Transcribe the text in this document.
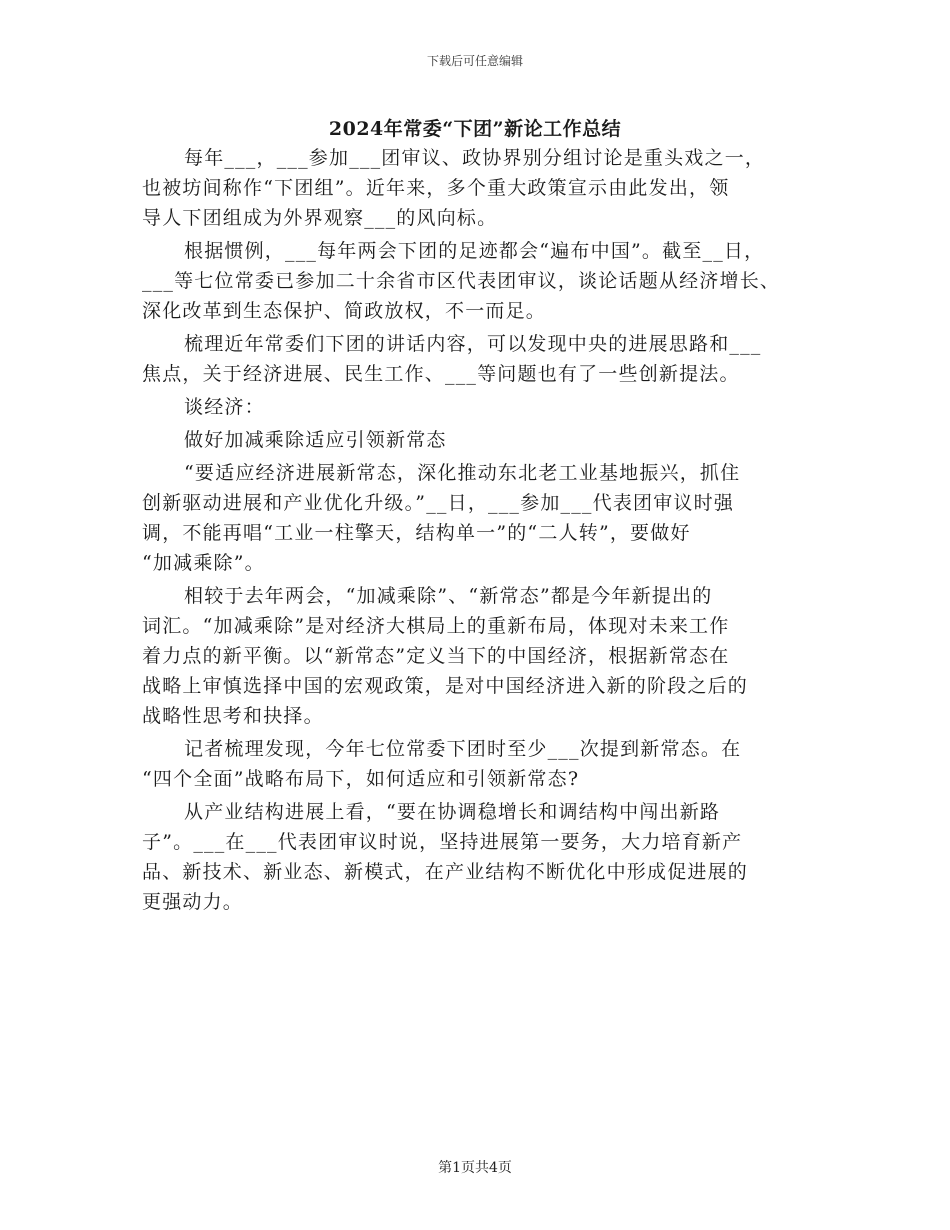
下载后可任意编辑
2024年常委“下团”新论工作总结

每年___，___参加___团审议、政协界别分组讨论是重头戏之一，
也被坊间称作“下团组”。近年来，多个重大政策宣示由此发出，领
导人下团组成为外界观察___的风向标。

根据惯例，___每年两会下团的足迹都会“遍布中国”。截至__日，
___等七位常委已参加二十余省市区代表团审议，谈论话题从经济增长、
深化改革到生态保护、简政放权，不一而足。

梳理近年常委们下团的讲话内容，可以发现中央的进展思路和___
焦点，关于经济进展、民生工作、___等问题也有了一些创新提法。

谈经济：

做好加减乘除适应引领新常态

“要适应经济进展新常态，深化推动东北老工业基地振兴，抓住
创新驱动进展和产业优化升级。”__日，___参加___代表团审议时强
调，不能再唱“工业一柱擎天，结构单一”的“二人转”，要做好
“加减乘除”。

相较于去年两会，“加减乘除”、“新常态”都是今年新提出的
词汇。“加减乘除”是对经济大棋局上的重新布局，体现对未来工作
着力点的新平衡。以“新常态”定义当下的中国经济，根据新常态在
战略上审慎选择中国的宏观政策，是对中国经济进入新的阶段之后的
战略性思考和抉择。

记者梳理发现，今年七位常委下团时至少___次提到新常态。在
“四个全面”战略布局下，如何适应和引领新常态?

从产业结构进展上看，“要在协调稳增长和调结构中闯出新路
子”。___在___代表团审议时说，坚持进展第一要务，大力培育新产
品、新技术、新业态、新模式，在产业结构不断优化中形成促进展的
更强动力。

第1页共4页
